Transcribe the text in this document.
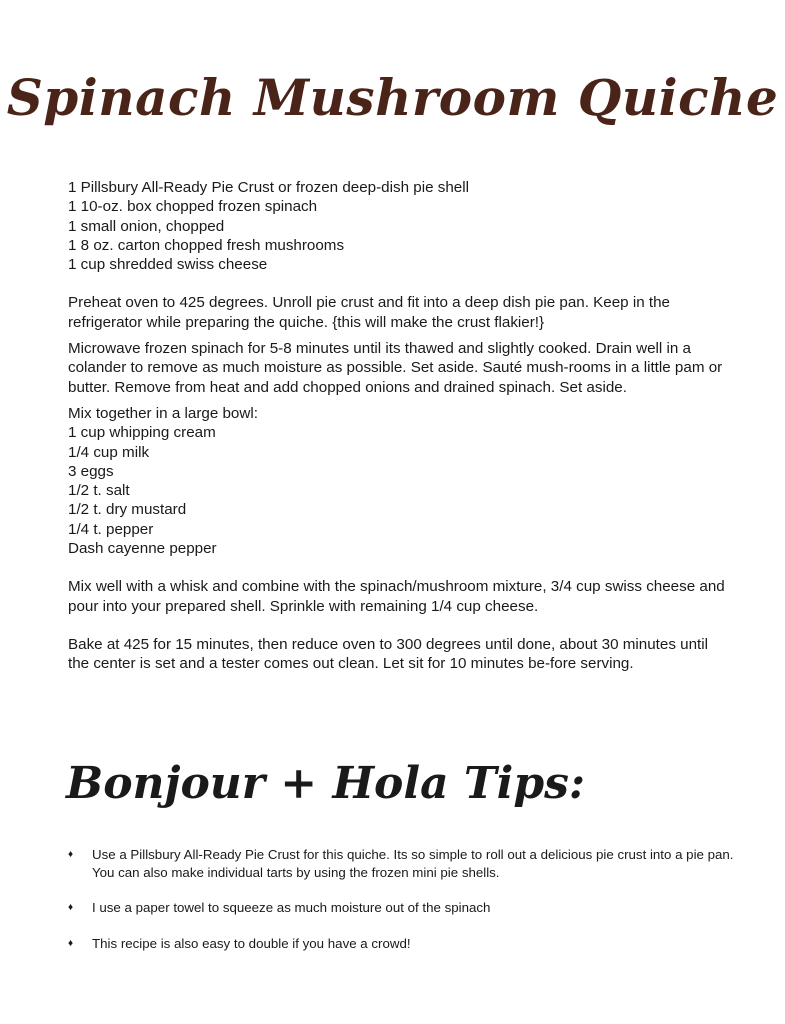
Spinach Mushroom Quiche

1 Pillsbury All-Ready Pie Crust or frozen deep-dish pie shell

1 10-oz. box chopped frozen spinach

1 small onion, chopped

1 8 oz. carton chopped fresh mushrooms

1 cup shredded swiss cheese

Preheat oven to 425 degrees. Unroll pie crust and fit into a deep dish pie pan. Keep in the refrigerator while preparing the quiche. {this will make the crust flakier!}

Microwave frozen spinach for 5-8 minutes until its thawed and slightly cooked. Drain well in a colander to remove as much moisture as possible. Set aside. Sauté mush-rooms in a little pam or butter. Remove from heat and add chopped onions and drained spinach. Set aside.

Mix together in a large bowl:

1 cup whipping cream

1/4 cup milk

3 eggs

1/2 t. salt

1/2 t. dry mustard

1/4 t. pepper

Dash cayenne pepper

Mix well with a whisk and combine with the spinach/mushroom mixture, 3/4 cup swiss cheese and pour into your prepared shell. Sprinkle with remaining 1/4 cup cheese.

Bake at 425 for 15 minutes, then reduce oven to 300 degrees until done, about 30 minutes until the center is set and a tester comes out clean. Let sit for 10 minutes be-fore serving.

Bonjour + Hola Tips:
♦	Use a Pillsbury All-Ready Pie Crust for this quiche. Its so simple to roll out a delicious pie crust into a pie pan. You can also make individual tarts by using the frozen mini pie shells.
♦	I use a paper towel to squeeze as much moisture out of the spinach
♦	This recipe is also easy to double if you have a crowd!
